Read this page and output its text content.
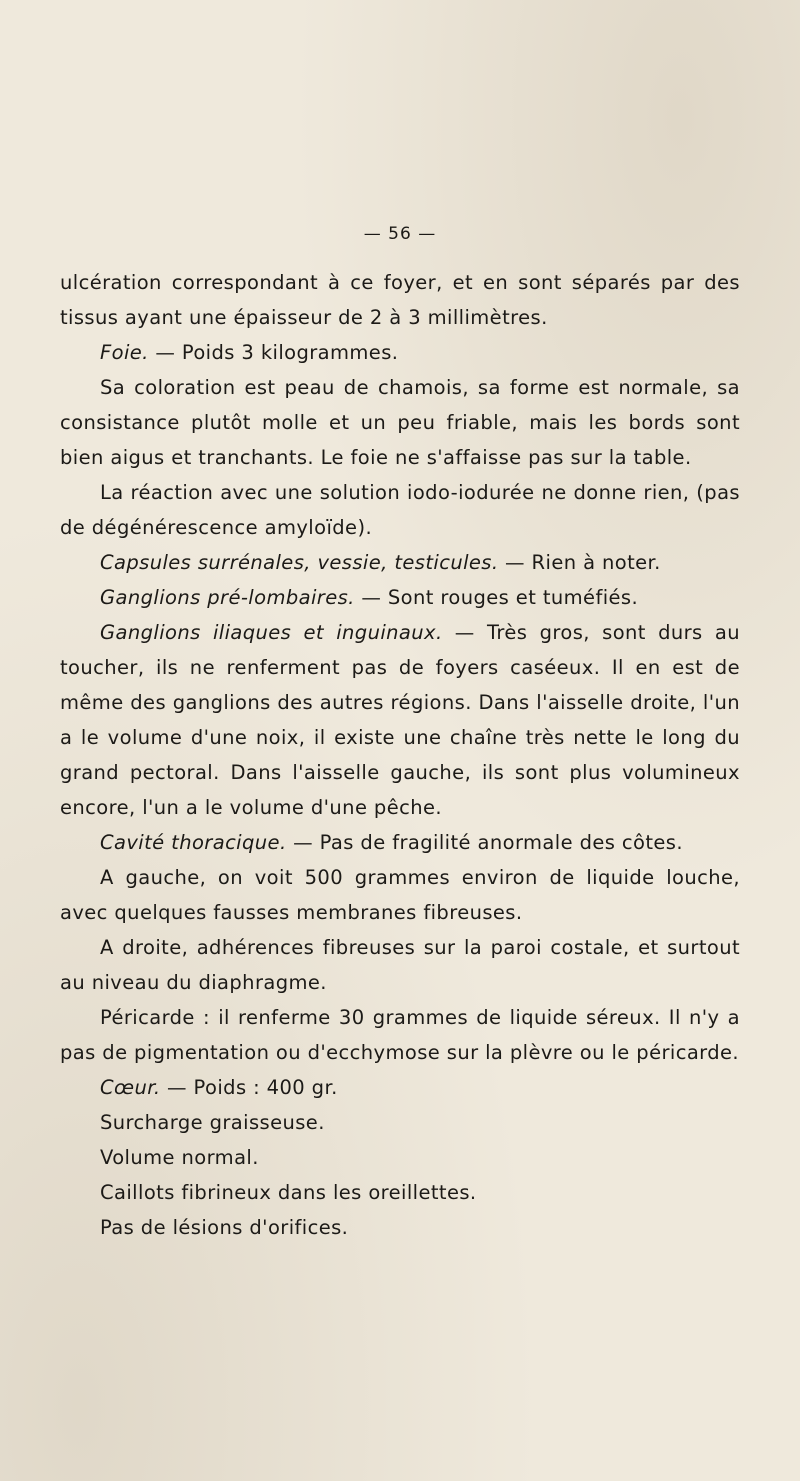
— 56 —

ulcération correspondant à ce foyer, et en sont séparés par des tissus ayant une épaisseur de 2 à 3 millimètres.

Foie. — Poids 3 kilogrammes.

Sa coloration est peau de chamois, sa forme est normale, sa consistance plutôt molle et un peu friable, mais les bords sont bien aigus et tranchants. Le foie ne s'affaisse pas sur la table.

La réaction avec une solution iodo-iodurée ne donne rien, (pas de dégénérescence amyloïde).

Capsules surrénales, vessie, testicules. — Rien à noter.

Ganglions pré-lombaires. — Sont rouges et tuméfiés.

Ganglions iliaques et inguinaux. — Très gros, sont durs au toucher, ils ne renferment pas de foyers caséeux. Il en est de même des ganglions des autres régions. Dans l'aisselle droite, l'un a le volume d'une noix, il existe une chaîne très nette le long du grand pectoral. Dans l'aisselle gauche, ils sont plus volumineux encore, l'un a le volume d'une pêche.

Cavité thoracique. — Pas de fragilité anormale des côtes.

A gauche, on voit 500 grammes environ de liquide louche, avec quelques fausses membranes fibreuses.

A droite, adhérences fibreuses sur la paroi costale, et surtout au niveau du diaphragme.

Péricarde : il renferme 30 grammes de liquide séreux. Il n'y a pas de pigmentation ou d'ecchymose sur la plèvre ou le péricarde.

Cœur. — Poids : 400 gr.

Surcharge graisseuse.

Volume normal.

Caillots fibrineux dans les oreillettes.

Pas de lésions d'orifices.
